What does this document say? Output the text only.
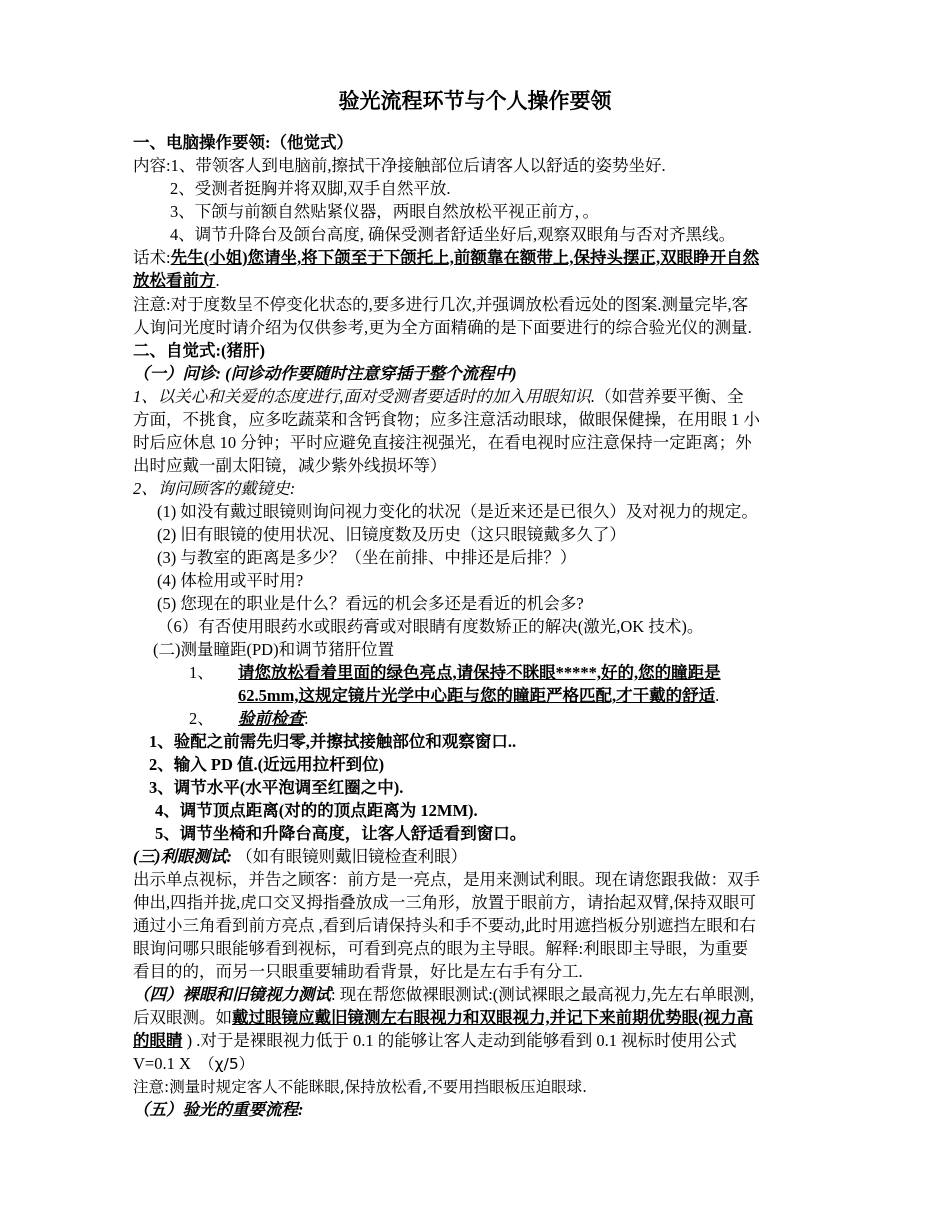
验光流程环节与个人操作要领
一、电脑操作要领:（他觉式）
内容:1、带领客人到电脑前,擦拭干净接触部位后请客人以舒适的姿势坐好.
2、受测者挺胸并将双脚,双手自然平放.
3、下颌与前额自然贴紧仪器，两眼自然放松平视正前方，。
4、调节升降台及颌台高度, 确保受测者舒适坐好后,观察双眼角与否对齐黑线。
话术:先生(小姐)您请坐,将下颌至于下颌托上,前额靠在额带上,保持头摆正,双眼睁开自然
放松看前方.
注意:对于度数呈不停变化状态的,要多进行几次,并强调放松看远处的图案.测量完毕,客
人询问光度时请介绍为仅供参考,更为全方面精确的是下面要进行的综合验光仪的测量.
二、自觉式:(猪肝)
（一）问诊: (问诊动作要随时注意穿插于整个流程中)
1、以关心和关爱的态度进行,面对受测者要适时的加入用眼知识.（如营养要平衡、全
方面，不挑食，应多吃蔬菜和含钙食物；应多注意活动眼球，做眼保健操，在用眼 1 小
时后应休息 10 分钟；平时应避免直接注视强光，在看电视时应注意保持一定距离；外
出时应戴一副太阳镜，减少紫外线损坏等）
2、询问顾客的戴镜史:
(1) 如没有戴过眼镜则询问视力变化的状况（是近来还是已很久）及对视力的规定。
(2) 旧有眼镜的使用状况、旧镜度数及历史（这只眼镜戴多久了）
(3) 与教室的距离是多少？（坐在前排、中排还是后排？）
(4) 体检用或平时用?
(5) 您现在的职业是什么？看远的机会多还是看近的机会多?
（6）有否使用眼药水或眼药膏或对眼睛有度数矫正的解决(激光,OK 技术)。
(二)测量瞳距(PD)和调节猪肝位置
1、 请您放松看着里面的绿色亮点,请保持不眯眼*****,好的,您的瞳距是
62.5mm,这规定镜片光学中心距与您的瞳距严格匹配,才干戴的舒适.
2、 验前检查:
1、验配之前需先归零,并擦拭接触部位和观察窗口..
2、输入 PD 值.(近远用拉杆到位)
3、调节水平(水平泡调至红圈之中).
4、调节顶点距离(对的的顶点距离为 12MM).
5、调节坐椅和升降台高度，让客人舒适看到窗口。
(三)利眼测试: （如有眼镜则戴旧镜检查利眼）
出示单点视标，并告之顾客：前方是一亮点，是用来测试利眼。现在请您跟我做：双手
伸出,四指并拢,虎口交叉拇指叠放成一三角形，放置于眼前方，请抬起双臂,保持双眼可
通过小三角看到前方亮点 ,看到后请保持头和手不要动,此时用遮挡板分别遮挡左眼和右
眼询问哪只眼能够看到视标，可看到亮点的眼为主导眼。解释:利眼即主导眼，为重要
看目的的，而另一只眼重要辅助看背景，好比是左右手有分工.
（四）裸眼和旧镜视力测试: 现在帮您做裸眼测试:(测试裸眼之最高视力,先左右单眼测,
后双眼测。如戴过眼镜应戴旧镜测左右眼视力和双眼视力,并记下来前期优势眼(视力高
的眼睛 ) .对于是裸眼视力低于 0.1 的能够让客人走动到能够看到 0.1 视标时使用公式
V=0.1 X （χ/5）
注意:测量时规定客人不能眯眼,保持放松看,不要用挡眼板压迫眼球.
（五）验光的重要流程:
